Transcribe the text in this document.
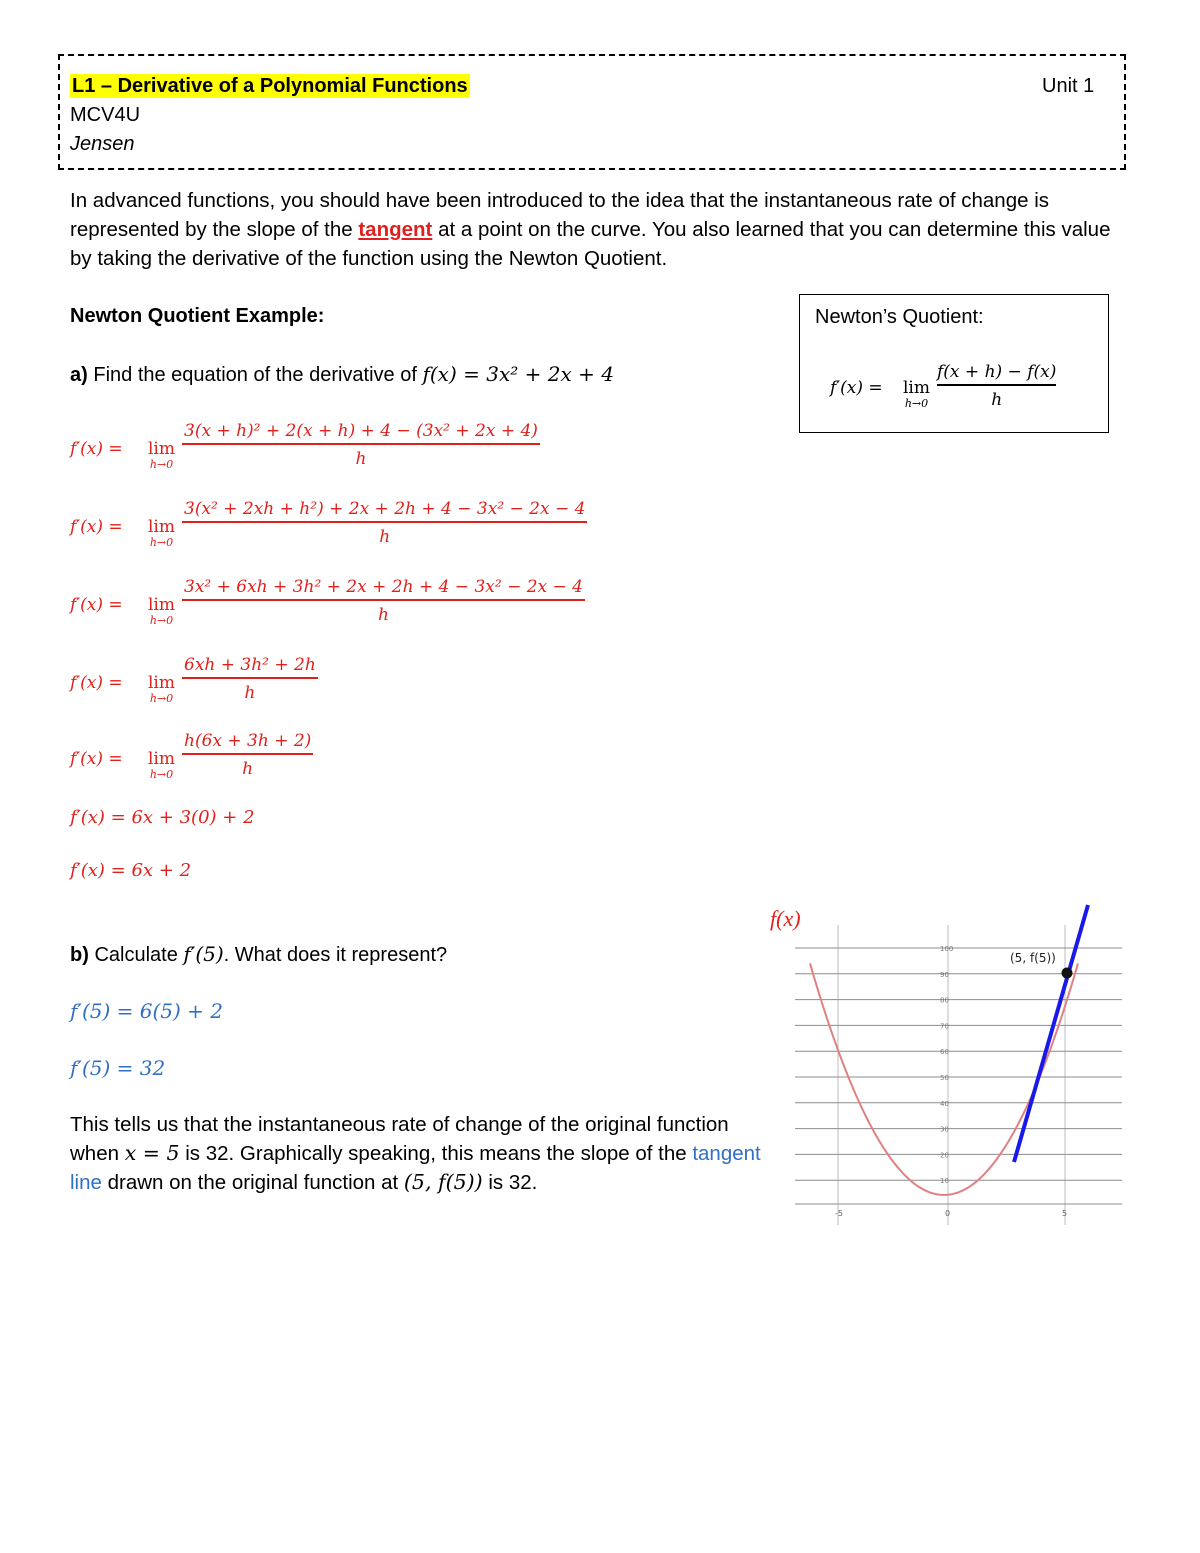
L1 – Derivative of a Polynomial Functions	Unit 1
MCV4U
Jensen
In advanced functions, you should have been introduced to the idea that the instantaneous rate of change is represented by the slope of the tangent at a point on the curve. You also learned that you can determine this value by taking the derivative of the function using the Newton Quotient.
Newton Quotient Example:	Newton’s Quotient:
f′(x) = lim
h→0
f(x + h) − f(x)
h
a) Find the equation of the derivative of f(x) = 3x² + 2x + 4
f′(x) = lim
h→0
3(x + h)² + 2(x + h) + 4 − (3x² + 2x + 4)
h
f′(x) = lim
h→0
3(x² + 2xh + h²) + 2x + 2h + 4 − 3x² − 2x − 4
h
f′(x) = lim
h→0
3x² + 6xh + 3h² + 2x + 2h + 4 − 3x² − 2x − 4
h
f′(x) = lim
h→0
6xh + 3h² + 2h
h
f′(x) = lim
h→0
h(6x + 3h + 2)
h
f′(x) = 6x + 3(0) + 2
f′(x) = 6x + 2
b) Calculate f′(5). What does it represent?
f′(5) = 6(5) + 2
f′(5) = 32
This tells us that the instantaneous rate of change of the original function when x = 5 is 32. Graphically speaking, this means the slope of the tangent line drawn on the original function at (5, f(5)) is 32.
100
90
80
70
60
50
40
30
20
10
-5	0	5
f(x)
(5, f(5))
